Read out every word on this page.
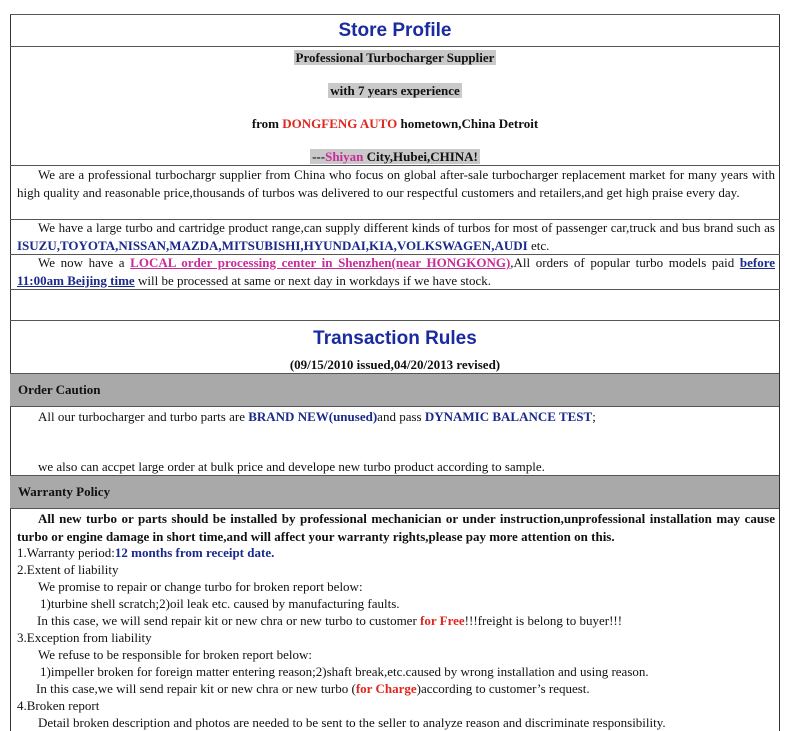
Store Profile
Professional Turbocharger Supplier
with 7 years experience
from DONGFENG AUTO hometown,China Detroit
---Shiyan City,Hubei,CHINA!
We are a professional turbochargr supplier from China who focus on global after-sale turbocharger replacement market for many years with high quality and reasonable price,thousands of turbos was delivered to our respectful customers and retailers,and get high praise every day.
We have a large turbo and cartridge product range,can supply different kinds of turbos for most of passenger car,truck and bus brand such as ISUZU,TOYOTA,NISSAN,MAZDA,MITSUBISHI,HYUNDAI,KIA,VOLKSWAGEN,AUDI etc.
We now have a LOCAL order processing center in Shenzhen(near HONGKONG),All orders of popular turbo models paid before 11:00am Beijing time will be processed at same or next day in workdays if we have stock.
Transaction Rules
(09/15/2010 issued,04/20/2013 revised)
Order Caution
All our turbocharger and turbo parts are BRAND NEW(unused)and pass DYNAMIC BALANCE TEST;
we also can accpet large order at bulk price and develope new turbo product according to sample.
Warranty Policy
All new turbo or parts should be installed by professional mechanician or under instruction,unprofessional installation may cause turbo or engine damage in short time,and will affect your warranty rights,please pay more attention on this.
1.Warranty period:12 months from receipt date.
2.Extent of liability
We promise to repair or change turbo for broken report below:
1)turbine shell scratch;2)oil leak etc. caused by manufacturing faults.
In this case, we will send repair kit or new chra or new turbo to customer for Free!!!freight is belong to buyer!!!
3.Exception from liability
We refuse to be responsible for broken report below:
1)impeller broken for foreign matter entering reason;2)shaft break,etc.caused by wrong installation and using reason.
In this case,we will send repair kit or new chra or new turbo (for Charge)according to customer’s request.
4.Broken report
Detail broken description and photos are needed to be sent to the seller to analyze reason and discriminate responsibility.
